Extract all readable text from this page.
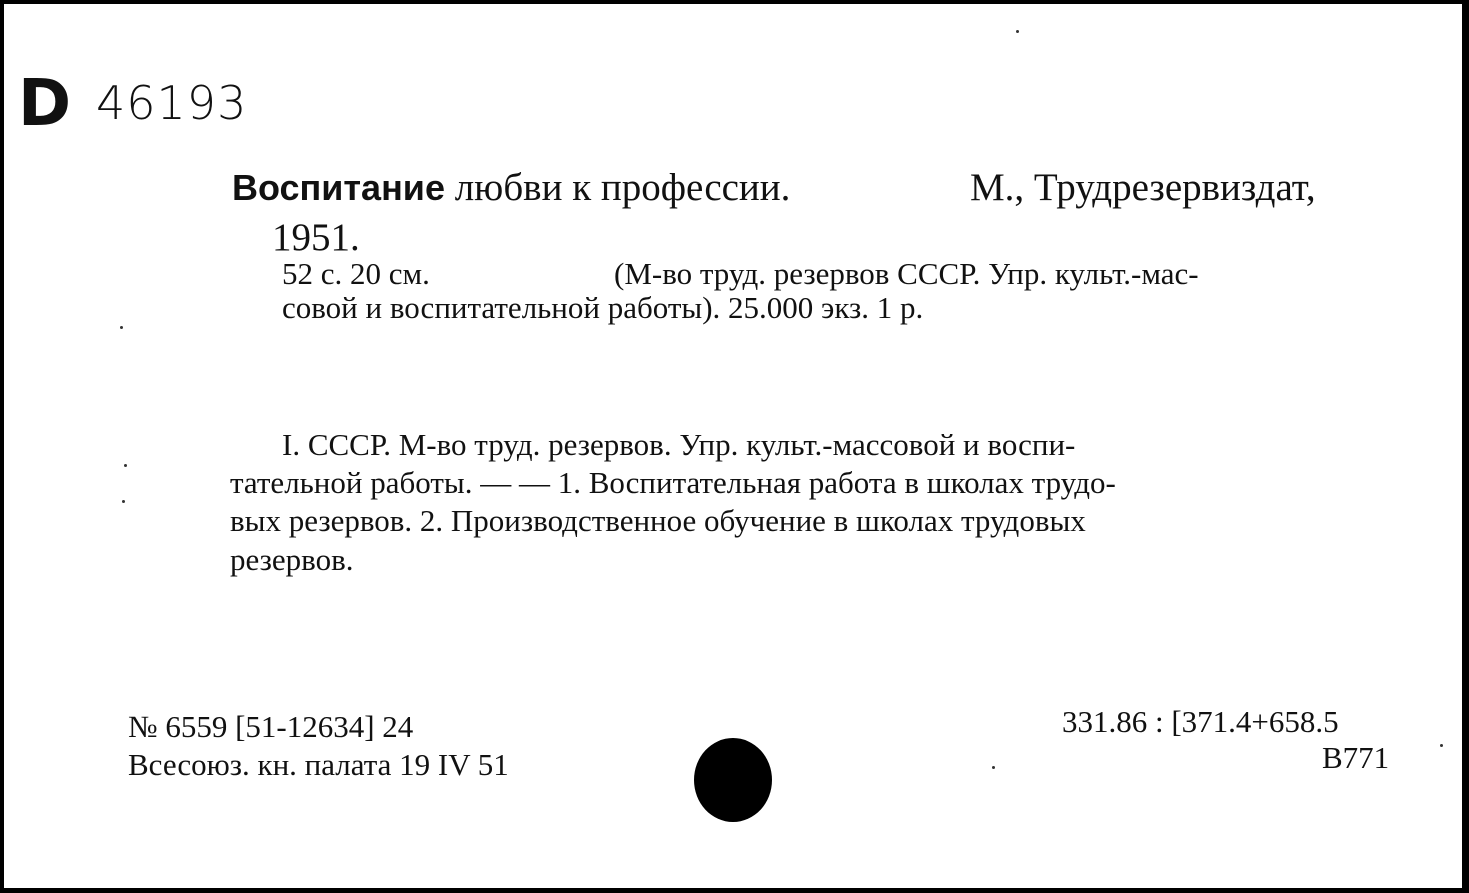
D 46193
Воспитание любви к профессии.	М., Трудрезервиздат,
1951.
52 с. 20 см.	(М-во труд. резервов СССР. Упр. культ.-мас-
совой и воспитательной работы). 25.000 экз. 1 р.
I. СССР. М-во труд. резервов. Упр. культ.-массовой и воспи-
тательной работы. — — 1. Воспитательная работа в школах трудо-
вых резервов. 2. Производственное обучение в школах трудовых
резервов.
№ 6559 [51-12634] 24
Всесоюз. кн. палата 19 IV 51
331.86 : [371.4+658.5
В771
